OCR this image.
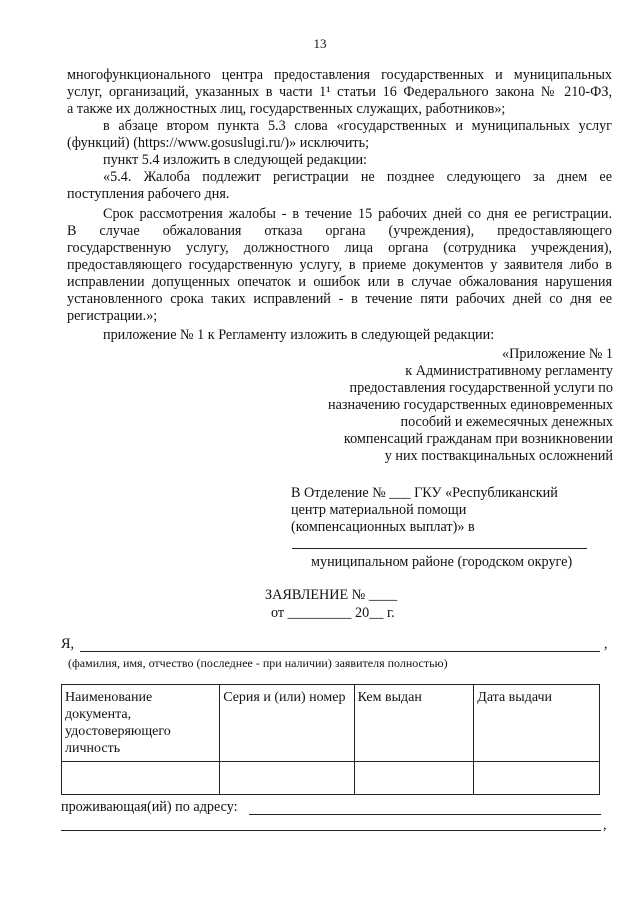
13
многофункционального центра предоставления государственных и муниципальных
услуг, организаций, указанных в части 1¹ статьи 16 Федерального закона № 210-ФЗ,
а также их должностных лиц, государственных служащих, работников»;
в абзаце втором пункта 5.3 слова «государственных и муниципальных услуг
(функций) (https://www.gosuslugi.ru/)» исключить;
пункт 5.4 изложить в следующей редакции:
«5.4. Жалоба подлежит регистрации не позднее следующего за днем ее
поступления рабочего дня.
Срок рассмотрения жалобы - в течение 15 рабочих дней со дня ее регистрации.
В случае обжалования отказа органа (учреждения), предоставляющего
государственную услугу, должностного лица органа (сотрудника учреждения),
предоставляющего государственную услугу, в приеме документов у заявителя либо в
исправлении допущенных опечаток и ошибок или в случае обжалования нарушения
установленного срока таких исправлений - в течение пяти рабочих дней со дня ее
регистрации.»;
приложение № 1 к Регламенту изложить в следующей редакции:
«Приложение № 1
к Административному регламенту
предоставления государственной услуги по
назначению государственных единовременных
пособий и ежемесячных денежных
компенсаций гражданам при возникновении
у них поствакцинальных осложнений
В Отделение № ___ ГКУ «Республиканский
центр материальной помощи
(компенсационных выплат)» в
муниципальном районе (городском округе)
ЗАЯВЛЕНИЕ № ____
от _________ 20__ г.
Я,	,
(фамилия, имя, отчество (последнее - при наличии) заявителя полностью)
Наименование документа, удостоверяющего личность	Серия и (или) номер	Кем выдан	Дата выдачи

проживающая(ий) по адресу:
,
